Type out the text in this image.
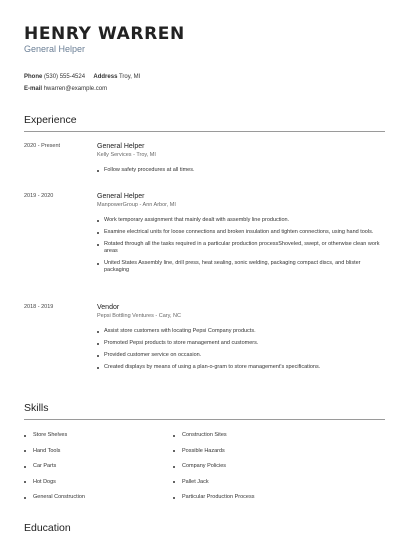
HENRY WARREN
General Helper
Phone (530) 555-4524 Address Troy, MI
E-mail hwarren@example.com
Experience
2020 - Present	General Helper
Kelly Services - Troy, MI
Follow safety procedures at all times.
2019 - 2020	General Helper
ManpowerGroup - Ann Arbor, MI
Work temporary assignment that mainly dealt with assembly line production.
Examine electrical units for loose connections and broken insulation and tighten connections, using hand tools.
Rotated through all the tasks required in a particular production processShoveled, swept, or otherwise clean work areas
United States Assembly line, drill press, heat sealing, sonic welding, packaging compact discs, and blister packaging
2018 - 2019	Vendor
Pepsi Bottling Ventures - Cary, NC
Assist store customers with locating Pepsi Company products.
Promoted Pepsi products to store management and customers.
Provided customer service on occasion.
Created displays by means of using a plan-o-gram to store management's specifications.
Skills
Store Shelves
Hand Tools
Car Parts
Hot Dogs
General Construction
Construction Sites
Possible Hazards
Company Policies
Pallet Jack
Particular Production Process
Education
